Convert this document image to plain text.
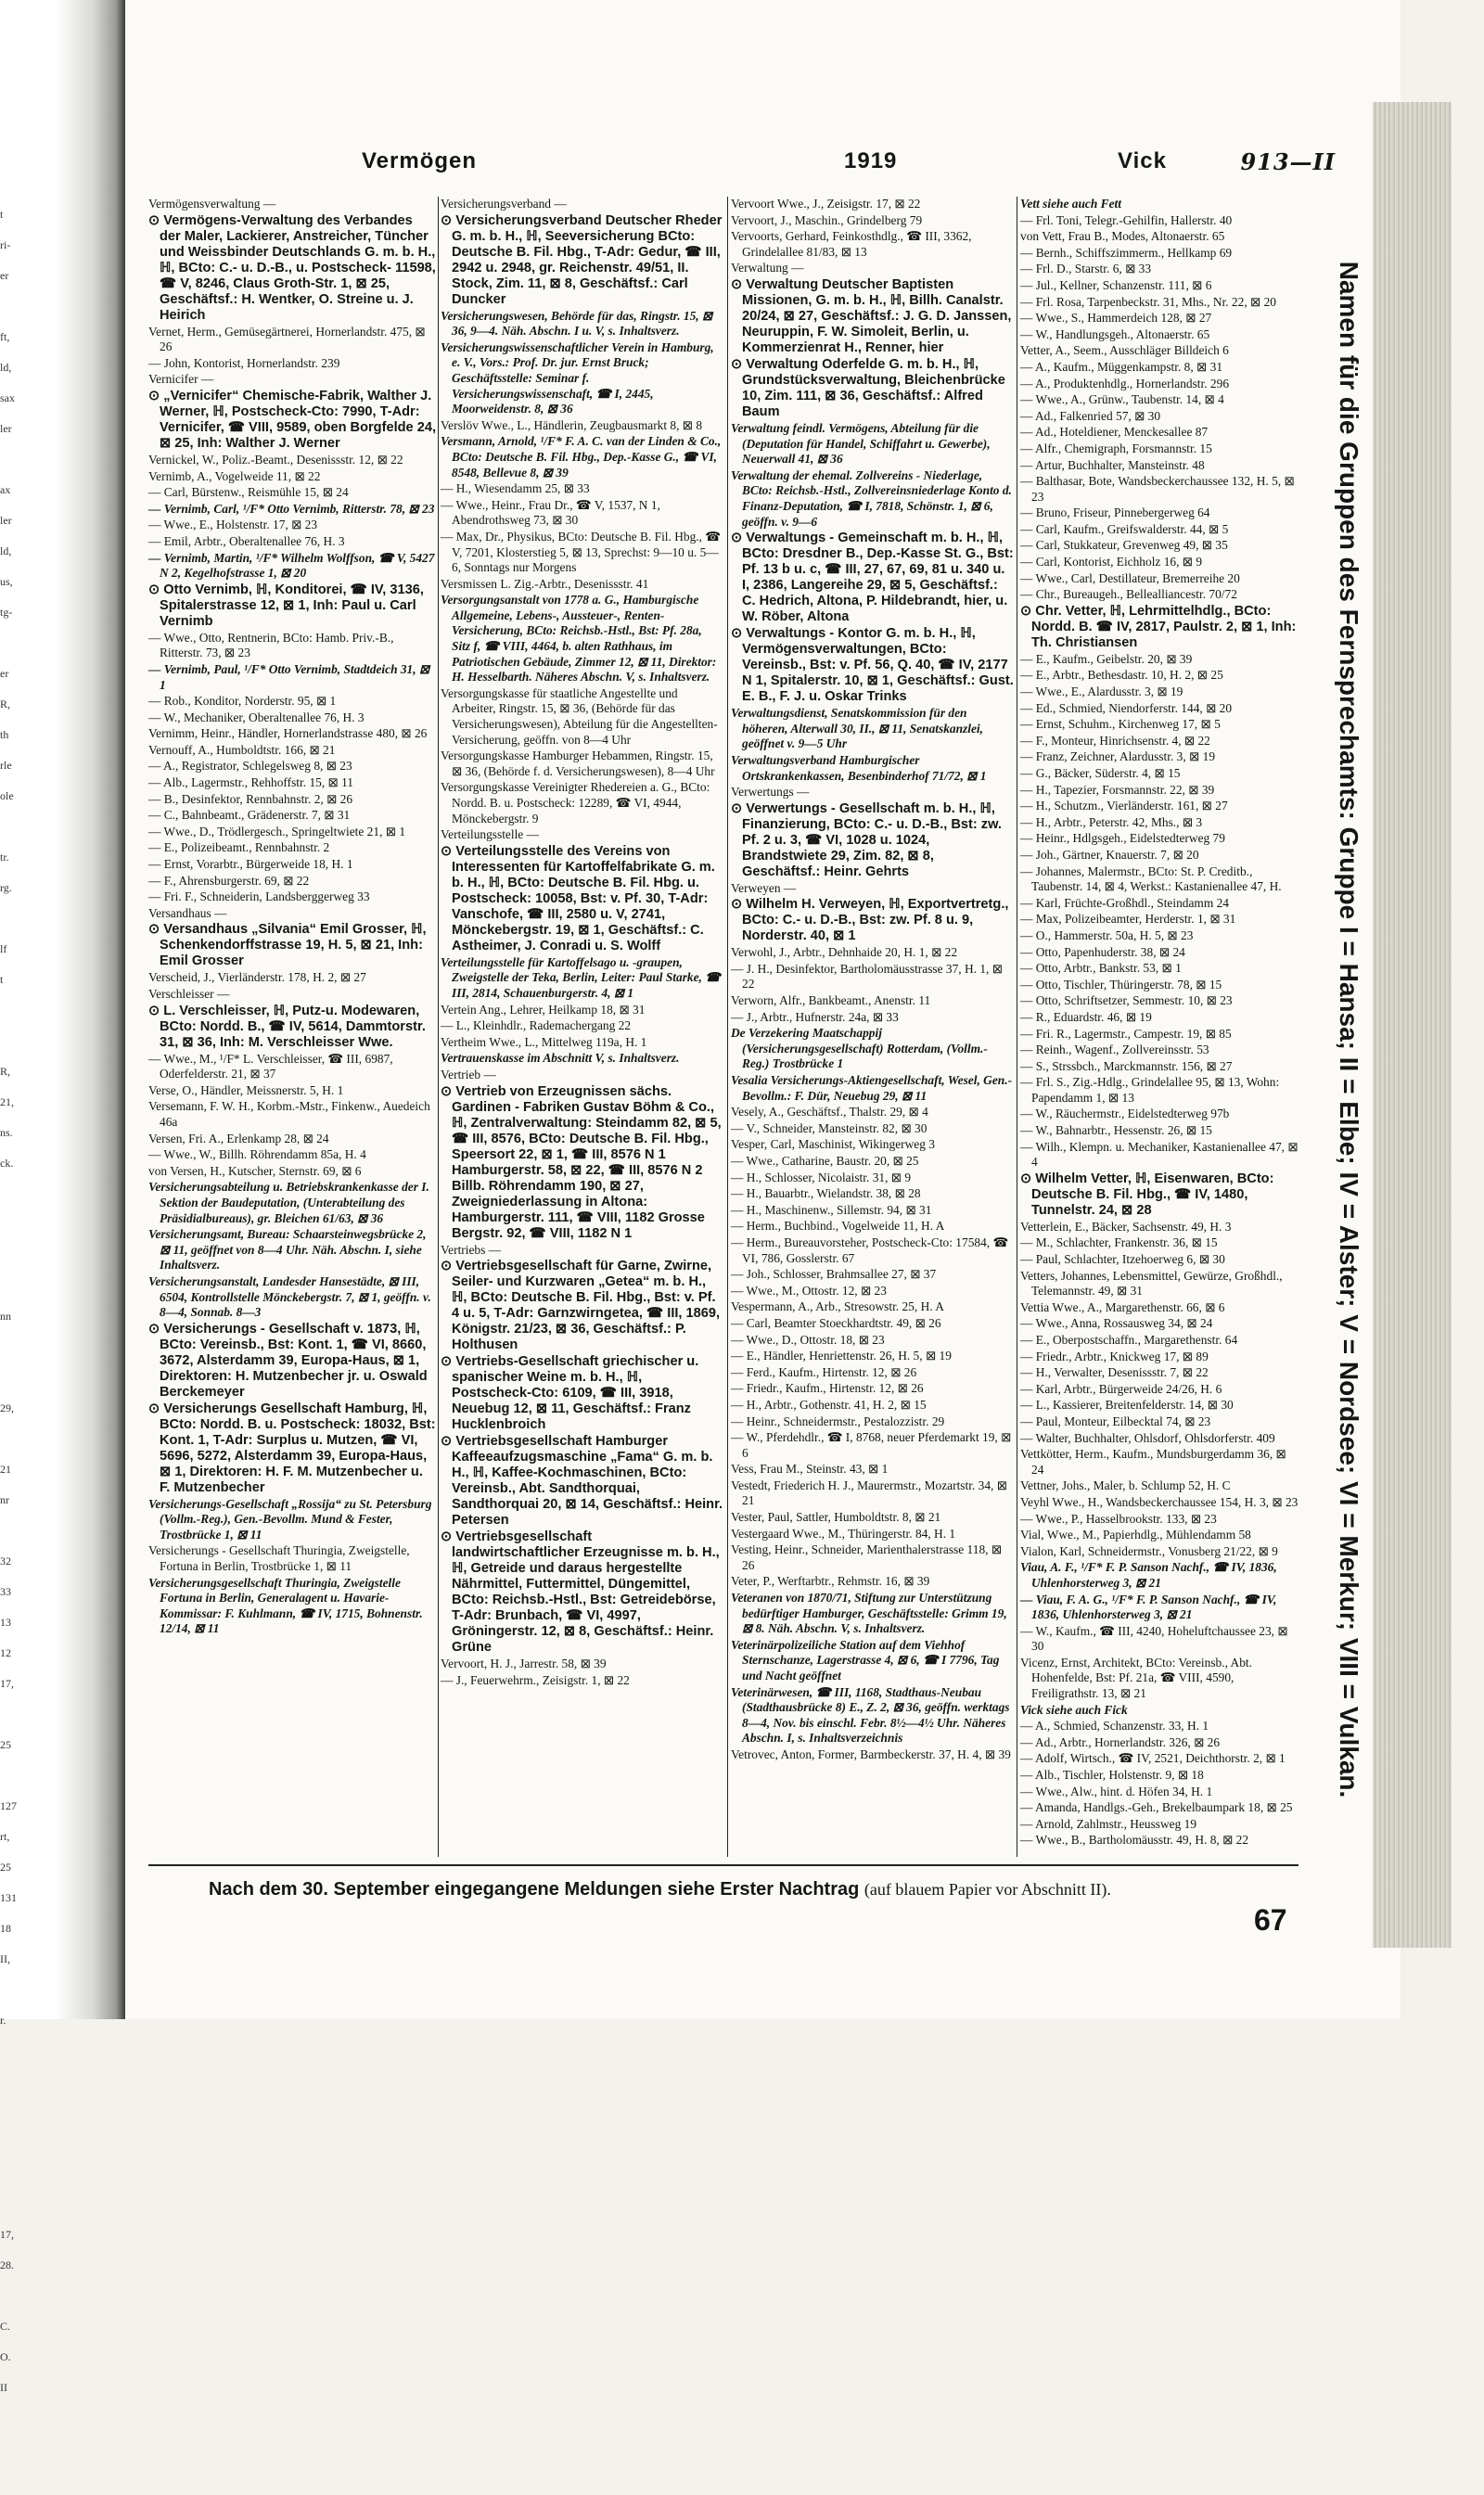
t
ri-
er
ft,
ld,
sax
ler
ax
ler
ld,
us,
tg-
er
R,
th
rle
ole
tr.
rg.
lf
t
R,
21,
ns.
ck.
nn
29,
21
nr
32
33
13
12
17,
25
127
rt,
25
131
18
II,
r.
17,
28.
C.
O.
II
Vermögen	1919	Vick	913—II
Vermögensverwaltung —
⊙ Vermögens-Verwaltung des Verbandes der Maler, Lackierer, Anstreicher, Tüncher und Weissbinder Deutschlands G. m. b. H., ℍ, BCto: C.- u. D.-B., u. Postscheck- 11598, ☎ V, 8246, Claus Groth-Str. 1, ⊠ 25, Geschäftsf.: H. Wentker, O. Streine u. J. Heirich
Vernet, Herm., Gemüsegärtnerei, Hornerlandstr. 475, ⊠ 26
— John, Kontorist, Hornerlandstr. 239
Vernicifer —
⊙ „Vernicifer“ Chemische-Fabrik, Walther J. Werner, ℍ, Postscheck-Cto: 7990, T-Adr: Vernicifer, ☎ VIII, 9589, oben Borgfelde 24, ⊠ 25, Inh: Walther J. Werner
Vernickel, W., Poliz.-Beamt., Desenissstr. 12, ⊠ 22
Vernimb, A., Vogelweide 11, ⊠ 22
— Carl, Bürstenw., Reismühle 15, ⊠ 24
— Vernimb, Carl, ¹/F* Otto Vernimb, Ritterstr. 78, ⊠ 23
— Wwe., E., Holstenstr. 17, ⊠ 23
— Emil, Arbtr., Oberaltenallee 76, H. 3
— Vernimb, Martin, ¹/F* Wilhelm Wolffson, ☎ V, 5427 N 2, Kegelhofstrasse 1, ⊠ 20
⊙ Otto Vernimb, ℍ, Konditorei, ☎ IV, 3136, Spitalerstrasse 12, ⊠ 1, Inh: Paul u. Carl Vernimb
— Wwe., Otto, Rentnerin, BCto: Hamb. Priv.-B., Ritterstr. 73, ⊠ 23
— Vernimb, Paul, ¹/F* Otto Vernimb, Stadtdeich 31, ⊠ 1
— Rob., Konditor, Norderstr. 95, ⊠ 1
— W., Mechaniker, Oberaltenallee 76, H. 3
Vernimm, Heinr., Händler, Hornerlandstrasse 480, ⊠ 26
Vernouff, A., Humboldtstr. 166, ⊠ 21
— A., Registrator, Schlegelsweg 8, ⊠ 23
— Alb., Lagermstr., Rehhoffstr. 15, ⊠ 11
— B., Desinfektor, Rennbahnstr. 2, ⊠ 26
— C., Bahnbeamt., Grädenerstr. 7, ⊠ 31
— Wwe., D., Trödlergesch., Springeltwiete 21, ⊠ 1
— E., Polizeibeamt., Rennbahnstr. 2
— Ernst, Vorarbtr., Bürgerweide 18, H. 1
— F., Ahrensburgerstr. 69, ⊠ 22
— Fri. F., Schneiderin, Landsberggerweg 33
Versandhaus —
⊙ Versandhaus „Silvania“ Emil Grosser, ℍ, Schenkendorffstrasse 19, H. 5, ⊠ 21, Inh: Emil Grosser
Verscheid, J., Vierländerstr. 178, H. 2, ⊠ 27
Verschleisser —
⊙ L. Verschleisser, ℍ, Putz-u. Modewaren, BCto: Nordd. B., ☎ IV, 5614, Dammtorstr. 31, ⊠ 36, Inh: M. Verschleisser Wwe.
— Wwe., M., ¹/F* L. Verschleisser, ☎ III, 6987, Oderfelderstr. 21, ⊠ 37
Verse, O., Händler, Meissnerstr. 5, H. 1
Versemann, F. W. H., Korbm.-Mstr., Finkenw., Auedeich 46a
Versen, Fri. A., Erlenkamp 28, ⊠ 24
— Wwe., W., Billh. Röhrendamm 85a, H. 4
von Versen, H., Kutscher, Sternstr. 69, ⊠ 6
Versicherungsabteilung u. Betriebskrankenkasse der I. Sektion der Baudeputation, (Unterabteilung des Präsidialbureaus), gr. Bleichen 61/63, ⊠ 36
Versicherungsamt, Bureau: Schaarsteinwegsbrücke 2, ⊠ 11, geöffnet von 8—4 Uhr. Näh. Abschn. I, siehe Inhaltsverz.
Versicherungsanstalt, Landesder Hansestädte, ⊠ III, 6504, Kontrollstelle Mönckebergstr. 7, ⊠ 1, geöffn. v. 8—4, Sonnab. 8—3
⊙ Versicherungs - Gesellschaft v. 1873, ℍ, BCto: Vereinsb., Bst: Kont. 1, ☎ VI, 8660, 3672, Alsterdamm 39, Europa-Haus, ⊠ 1, Direktoren: H. Mutzenbecher jr. u. Oswald Berckemeyer
⊙ Versicherungs Gesellschaft Hamburg, ℍ, BCto: Nordd. B. u. Postscheck: 18032, Bst: Kont. 1, T-Adr: Surplus u. Mutzen, ☎ VI, 5696, 5272, Alsterdamm 39, Europa-Haus, ⊠ 1, Direktoren: H. F. M. Mutzenbecher u. F. Mutzenbecher
Versicherungs-Gesellschaft „Rossija“ zu St. Petersburg (Vollm.-Reg.), Gen.-Bevollm. Mund & Fester, Trostbrücke 1, ⊠ 11
Versicherungs - Gesellschaft Thuringia, Zweigstelle, Fortuna in Berlin, Trostbrücke 1, ⊠ 11
Versicherungsgesellschaft Thuringia, Zweigstelle Fortuna in Berlin, Generalagent u. Havarie-Kommissar: F. Kuhlmann, ☎ IV, 1715, Bohnenstr. 12/14, ⊠ 11
Versicherungsverband —
⊙ Versicherungsverband Deutscher Rheder G. m. b. H., ℍ, Seeversicherung BCto: Deutsche B. Fil. Hbg., T-Adr: Gedur, ☎ III, 2942 u. 2948, gr. Reichenstr. 49/51, II. Stock, Zim. 11, ⊠ 8, Geschäftsf.: Carl Duncker
Versicherungswesen, Behörde für das, Ringstr. 15, ⊠ 36, 9—4. Näh. Abschn. I u. V, s. Inhaltsverz.
Versicherungswissenschaftlicher Verein in Hamburg, e. V., Vors.: Prof. Dr. jur. Ernst Bruck; Geschäftsstelle: Seminar f. Versicherungswissenschaft, ☎ I, 2445, Moorweidenstr. 8, ⊠ 36
Verslöv Wwe., L., Händlerin, Zeugbausmarkt 8, ⊠ 8
Versmann, Arnold, ¹/F* F. A. C. van der Linden & Co., BCto: Deutsche B. Fil. Hbg., Dep.-Kasse G., ☎ VI, 8548, Bellevue 8, ⊠ 39
— H., Wiesendamm 25, ⊠ 33
— Wwe., Heinr., Frau Dr., ☎ V, 1537, N 1, Abendrothsweg 73, ⊠ 30
— Max, Dr., Physikus, BCto: Deutsche B. Fil. Hbg., ☎ V, 7201, Klosterstieg 5, ⊠ 13, Sprechst: 9—10 u. 5—6, Sonntags nur Morgens
Versmissen L. Zig.-Arbtr., Desenissstr. 41
Versorgungsanstalt von 1778 a. G., Hamburgische Allgemeine, Lebens-, Aussteuer-, Renten-Versicherung, BCto: Reichsb.-Hstl., Bst: Pf. 28a, Sitz f, ☎ VIII, 4464, b. alten Rathhaus, im Patriotischen Gebäude, Zimmer 12, ⊠ 11, Direktor: H. Hesselbarth. Näheres Abschn. V, s. Inhaltsverz.
Versorgungskasse für staatliche Angestellte und Arbeiter, Ringstr. 15, ⊠ 36, (Behörde für das Versicherungswesen), Abteilung für die Angestellten-Versicherung, geöffn. von 8—4 Uhr
Versorgungskasse Hamburger Hebammen, Ringstr. 15, ⊠ 36, (Behörde f. d. Versicherungswesen), 8—4 Uhr
Versorgungskasse Vereinigter Rhedereien a. G., BCto: Nordd. B. u. Postscheck: 12289, ☎ VI, 4944, Mönckebergstr. 9
Verteilungsstelle —
⊙ Verteilungsstelle des Vereins von Interessenten für Kartoffelfabrikate G. m. b. H., ℍ, BCto: Deutsche B. Fil. Hbg. u. Postscheck: 10058, Bst: v. Pf. 30, T-Adr: Vanschofe, ☎ III, 2580 u. V, 2741, Mönckebergstr. 19, ⊠ 1, Geschäftsf.: C. Astheimer, J. Conradi u. S. Wolff
Verteilungsstelle für Kartoffelsago u. -graupen, Zweigstelle der Teka, Berlin, Leiter: Paul Starke, ☎ III, 2814, Schauenburgerstr. 4, ⊠ 1
Vertein Ang., Lehrer, Heilkamp 18, ⊠ 31
— L., Kleinhdlr., Rademachergang 22
Vertheim Wwe., L., Mittelweg 119a, H. 1
Vertrauenskasse im Abschnitt V, s. Inhaltsverz.
Vertrieb —
⊙ Vertrieb von Erzeugnissen sächs. Gardinen - Fabriken Gustav Böhm & Co., ℍ, Zentralverwaltung: Steindamm 82, ⊠ 5, ☎ III, 8576, BCto: Deutsche B. Fil. Hbg., Speersort 22, ⊠ 1, ☎ III, 8576 N 1 Hamburgerstr. 58, ⊠ 22, ☎ III, 8576 N 2 Billb. Röhrendamm 190, ⊠ 27, Zweigniederlassung in Altona: Hamburgerstr. 111, ☎ VIII, 1182 Grosse Bergstr. 92, ☎ VIII, 1182 N 1
Vertriebs —
⊙ Vertriebsgesellschaft für Garne, Zwirne, Seiler- und Kurzwaren „Getea“ m. b. H., ℍ, BCto: Deutsche B. Fil. Hbg., Bst: v. Pf. 4 u. 5, T-Adr: Garnzwirngetea, ☎ III, 1869, Königstr. 21/23, ⊠ 36, Geschäftsf.: P. Holthusen
⊙ Vertriebs-Gesellschaft griechischer u. spanischer Weine m. b. H., ℍ, Postscheck-Cto: 6109, ☎ III, 3918, Neuebug 12, ⊠ 11, Geschäftsf.: Franz Hucklenbroich
⊙ Vertriebsgesellschaft Hamburger Kaffeeaufzugsmaschine „Fama“ G. m. b. H., ℍ, Kaffee-Kochmaschinen, BCto: Vereinsb., Abt. Sandthorquai, Sandthorquai 20, ⊠ 14, Geschäftsf.: Heinr. Petersen
⊙ Vertriebsgesellschaft landwirtschaftlicher Erzeugnisse m. b. H., ℍ, Getreide und daraus hergestellte Nährmittel, Futtermittel, Düngemittel, BCto: Reichsb.-Hstl., Bst: Getreidebörse, T-Adr: Brunbach, ☎ VI, 4997, Gröningerstr. 12, ⊠ 8, Geschäftsf.: Heinr. Grüne
Vervoort, H. J., Jarrestr. 58, ⊠ 39
— J., Feuerwehrm., Zeisigstr. 1, ⊠ 22
Vervoort Wwe., J., Zeisigstr. 17, ⊠ 22
Vervoort, J., Maschin., Grindelberg 79
Vervoorts, Gerhard, Feinkosthdlg., ☎ III, 3362, Grindelallee 81/83, ⊠ 13
Verwaltung —
⊙ Verwaltung Deutscher Baptisten Missionen, G. m. b. H., ℍ, Billh. Canalstr. 20/24, ⊠ 27, Geschäftsf.: J. G. D. Janssen, Neuruppin, F. W. Simoleit, Berlin, u. Kommerzienrat H., Renner, hier
⊙ Verwaltung Oderfelde G. m. b. H., ℍ, Grundstücksverwaltung, Bleichenbrücke 10, Zim. 111, ⊠ 36, Geschäftsf.: Alfred Baum
Verwaltung feindl. Vermögens, Abteilung für die (Deputation für Handel, Schiffahrt u. Gewerbe), Neuerwall 41, ⊠ 36
Verwaltung der ehemal. Zollvereins - Niederlage, BCto: Reichsb.-Hstl., Zollvereinsniederlage Konto d. Finanz-Deputation, ☎ I, 7818, Schönstr. 1, ⊠ 6, geöffn. v. 9—6
⊙ Verwaltungs - Gemeinschaft m. b. H., ℍ, BCto: Dresdner B., Dep.-Kasse St. G., Bst: Pf. 13 b u. c, ☎ III, 27, 67, 69, 81 u. 340 u. I, 2386, Langereihe 29, ⊠ 5, Geschäftsf.: C. Hedrich, Altona, P. Hildebrandt, hier, u. W. Röber, Altona
⊙ Verwaltungs - Kontor G. m. b. H., ℍ, Vermögensverwaltungen, BCto: Vereinsb., Bst: v. Pf. 56, Q. 40, ☎ IV, 2177 N 1, Spitalerstr. 10, ⊠ 1, Geschäftsf.: Gust. E. B., F. J. u. Oskar Trinks
Verwaltungsdienst, Senatskommission für den höheren, Alterwall 30, II., ⊠ 11, Senatskanzlei, geöffnet v. 9—5 Uhr
Verwaltungsverband Hamburgischer Ortskrankenkassen, Besenbinderhof 71/72, ⊠ 1
Verwertungs —
⊙ Verwertungs - Gesellschaft m. b. H., ℍ, Finanzierung, BCto: C.- u. D.-B., Bst: zw. Pf. 2 u. 3, ☎ VI, 1028 u. 1024, Brandstwiete 29, Zim. 82, ⊠ 8, Geschäftsf.: Heinr. Gehrts
Verweyen —
⊙ Wilhelm H. Verweyen, ℍ, Exportvertretg., BCto: C.- u. D.-B., Bst: zw. Pf. 8 u. 9, Norderstr. 40, ⊠ 1
Verwohl, J., Arbtr., Dehnhaide 20, H. 1, ⊠ 22
— J. H., Desinfektor, Bartholomäusstrasse 37, H. 1, ⊠ 22
Verworn, Alfr., Bankbeamt., Anenstr. 11
— J., Arbtr., Hufnerstr. 24a, ⊠ 33
De Verzekering Maatschappij (Versicherungsgesellschaft) Rotterdam, (Vollm.-Reg.) Trostbrücke 1
Vesalia Versicherungs-Aktiengesellschaft, Wesel, Gen.-Bevollm.: F. Dür, Neuebug 29, ⊠ 11
Vesely, A., Geschäftsf., Thalstr. 29, ⊠ 4
— V., Schneider, Mansteinstr. 82, ⊠ 30
Vesper, Carl, Maschinist, Wikingerweg 3
— Wwe., Catharine, Baustr. 20, ⊠ 25
— H., Schlosser, Nicolaistr. 31, ⊠ 9
— H., Bauarbtr., Wielandstr. 38, ⊠ 28
— H., Maschinenw., Sillemstr. 94, ⊠ 31
— Herm., Buchbind., Vogelweide 11, H. A
— Herm., Bureauvorsteher, Postscheck-Cto: 17584, ☎ VI, 786, Gosslerstr. 67
— Joh., Schlosser, Brahmsallee 27, ⊠ 37
— Wwe., M., Ottostr. 12, ⊠ 23
Vespermann, A., Arb., Stresowstr. 25, H. A
— Carl, Beamter Stoeckhardtstr. 49, ⊠ 26
— Wwe., D., Ottostr. 18, ⊠ 23
— E., Händler, Henriettenstr. 26, H. 5, ⊠ 19
— Ferd., Kaufm., Hirtenstr. 12, ⊠ 26
— Friedr., Kaufm., Hirtenstr. 12, ⊠ 26
— H., Arbtr., Gothenstr. 41, H. 2, ⊠ 15
— Heinr., Schneidermstr., Pestalozzistr. 29
— W., Pferdehdlr., ☎ I, 8768, neuer Pferdemarkt 19, ⊠ 6
Vess, Frau M., Steinstr. 43, ⊠ 1
Vestedt, Friederich H. J., Maurermstr., Mozartstr. 34, ⊠ 21
Vester, Paul, Sattler, Humboldtstr. 8, ⊠ 21
Vestergaard Wwe., M., Thüringerstr. 84, H. 1
Vesting, Heinr., Schneider, Marienthalerstrasse 118, ⊠ 26
Veter, P., Werftarbtr., Rehmstr. 16, ⊠ 39
Veteranen von 1870/71, Stiftung zur Unterstützung bedürftiger Hamburger, Geschäftsstelle: Grimm 19, ⊠ 8. Näh. Abschn. V, s. Inhaltsverz.
Veterinärpolizeiliche Station auf dem Viehhof Sternschanze, Lagerstrasse 4, ⊠ 6, ☎ I 7796, Tag und Nacht geöffnet
Veterinärwesen, ☎ III, 1168, Stadthaus-Neubau (Stadthausbrücke 8) E., Z. 2, ⊠ 36, geöffn. werktags 8—4, Nov. bis einschl. Febr. 8½—4½ Uhr. Näheres Abschn. I, s. Inhaltsverzeichnis
Vetrovec, Anton, Former, Barmbeckerstr. 37, H. 4, ⊠ 39
Vett siehe auch Fett
— Frl. Toni, Telegr.-Gehilfin, Hallerstr. 40
von Vett, Frau B., Modes, Altonaerstr. 65
— Bernh., Schiffszimmerm., Hellkamp 69
— Frl. D., Starstr. 6, ⊠ 33
— Jul., Kellner, Schanzenstr. 111, ⊠ 6
— Frl. Rosa, Tarpenbeckstr. 31, Mhs., Nr. 22, ⊠ 20
— Wwe., S., Hammerdeich 128, ⊠ 27
— W., Handlungsgeh., Altonaerstr. 65
Vetter, A., Seem., Ausschläger Billdeich 6
— A., Kaufm., Müggenkampstr. 8, ⊠ 31
— A., Produktenhdlg., Hornerlandstr. 296
— Wwe., A., Grünw., Taubenstr. 14, ⊠ 4
— Ad., Falkenried 57, ⊠ 30
— Ad., Hoteldiener, Menckesallee 87
— Alfr., Chemigraph, Forsmannstr. 15
— Artur, Buchhalter, Mansteinstr. 48
— Balthasar, Bote, Wandsbeckerchaussee 132, H. 5, ⊠ 23
— Bruno, Friseur, Pinnebergerweg 64
— Carl, Kaufm., Greifswalderstr. 44, ⊠ 5
— Carl, Stukkateur, Grevenweg 49, ⊠ 35
— Carl, Kontorist, Eichholz 16, ⊠ 9
— Wwe., Carl, Destillateur, Bremerreihe 20
— Chr., Bureaugeh., Bellealliancestr. 70/72
⊙ Chr. Vetter, ℍ, Lehrmittelhdlg., BCto: Nordd. B. ☎ IV, 2817, Paulstr. 2, ⊠ 1, Inh: Th. Christiansen
— E., Kaufm., Geibelstr. 20, ⊠ 39
— E., Arbtr., Bethesdastr. 10, H. 2, ⊠ 25
— Wwe., E., Alardusstr. 3, ⊠ 19
— Ed., Schmied, Niendorferstr. 144, ⊠ 20
— Ernst, Schuhm., Kirchenweg 17, ⊠ 5
— F., Monteur, Hinrichsenstr. 4, ⊠ 22
— Franz, Zeichner, Alardusstr. 3, ⊠ 19
— G., Bäcker, Süderstr. 4, ⊠ 15
— H., Tapezier, Forsmannstr. 22, ⊠ 39
— H., Schutzm., Vierländerstr. 161, ⊠ 27
— H., Arbtr., Peterstr. 42, Mhs., ⊠ 3
— Heinr., Hdlgsgeh., Eidelstedterweg 79
— Joh., Gärtner, Knauerstr. 7, ⊠ 20
— Johannes, Malermstr., BCto: St. P. Creditb., Taubenstr. 14, ⊠ 4, Werkst.: Kastanienallee 47, H.
— Karl, Früchte-Großhdl., Steindamm 24
— Max, Polizeibeamter, Herderstr. 1, ⊠ 31
— O., Hammerstr. 50a, H. 5, ⊠ 23
— Otto, Papenhuderstr. 38, ⊠ 24
— Otto, Arbtr., Bankstr. 53, ⊠ 1
— Otto, Tischler, Thüringerstr. 78, ⊠ 15
— Otto, Schriftsetzer, Semmestr. 10, ⊠ 23
— R., Eduardstr. 46, ⊠ 19
— Fri. R., Lagermstr., Campestr. 19, ⊠ 85
— Reinh., Wagenf., Zollvereinsstr. 53
— S., Strssbch., Marckmannstr. 156, ⊠ 27
— Frl. S., Zig.-Hdlg., Grindelallee 95, ⊠ 13, Wohn: Papendamm 1, ⊠ 13
— W., Räuchermstr., Eidelstedterweg 97b
— W., Bahnarbtr., Hessenstr. 26, ⊠ 15
— Wilh., Klempn. u. Mechaniker, Kastanienallee 47, ⊠ 4
⊙ Wilhelm Vetter, ℍ, Eisenwaren, BCto: Deutsche B. Fil. Hbg., ☎ IV, 1480, Tunnelstr. 24, ⊠ 28
Vetterlein, E., Bäcker, Sachsenstr. 49, H. 3
— M., Schlachter, Frankenstr. 36, ⊠ 15
— Paul, Schlachter, Itzehoerweg 6, ⊠ 30
Vetters, Johannes, Lebensmittel, Gewürze, Großhdl., Telemannstr. 49, ⊠ 31
Vettia Wwe., A., Margarethenstr. 66, ⊠ 6
— Wwe., Anna, Rossausweg 34, ⊠ 24
— E., Oberpostschaffn., Margarethenstr. 64
— Friedr., Arbtr., Knickweg 17, ⊠ 89
— H., Verwalter, Desenissstr. 7, ⊠ 22
— Karl, Arbtr., Bürgerweide 24/26, H. 6
— L., Kassierer, Breitenfelderstr. 14, ⊠ 30
— Paul, Monteur, Eilbecktal 74, ⊠ 23
— Walter, Buchhalter, Ohlsdorf, Ohlsdorferstr. 409
Vettkötter, Herm., Kaufm., Mundsburgerdamm 36, ⊠ 24
Vettner, Johs., Maler, b. Schlump 52, H. C
Veyhl Wwe., H., Wandsbeckerchaussee 154, H. 3, ⊠ 23
— Wwe., P., Hasselbrookstr. 133, ⊠ 23
Vial, Wwe., M., Papierhdlg., Mühlendamm 58
Vialon, Karl, Schneidermstr., Vonusberg 21/22, ⊠ 9
Viau, A. F., ¹/F* F. P. Sanson Nachf., ☎ IV, 1836, Uhlenhorsterweg 3, ⊠ 21
— Viau, F. A. G., ¹/F* F. P. Sanson Nachf., ☎ IV, 1836, Uhlenhorsterweg 3, ⊠ 21
— W., Kaufm., ☎ III, 4240, Hoheluftchaussee 23, ⊠ 30
Vicenz, Ernst, Architekt, BCto: Vereinsb., Abt. Hohenfelde, Bst: Pf. 21a, ☎ VIII, 4590, Freiligrathstr. 13, ⊠ 21
Vick siehe auch Fick
— A., Schmied, Schanzenstr. 33, H. 1
— Ad., Arbtr., Hornerlandstr. 326, ⊠ 26
— Adolf, Wirtsch., ☎ IV, 2521, Deichthorstr. 2, ⊠ 1
— Alb., Tischler, Holstenstr. 9, ⊠ 18
— Wwe., Alw., hint. d. Höfen 34, H. 1
— Amanda, Handlgs.-Geh., Brekelbaumpark 18, ⊠ 25
— Arnold, Zahlmstr., Heussweg 19
— Wwe., B., Bartholomäusstr. 49, H. 8, ⊠ 22
Namen für die Gruppen des Fernsprechamts: Gruppe I = Hansa; II = Elbe; IV = Alster; V = Nordsee; VI = Merkur; VIII = Vulkan.
Nach dem 30. September eingegangene Meldungen siehe Erster Nachtrag (auf blauem Papier vor Abschnitt II).
67
